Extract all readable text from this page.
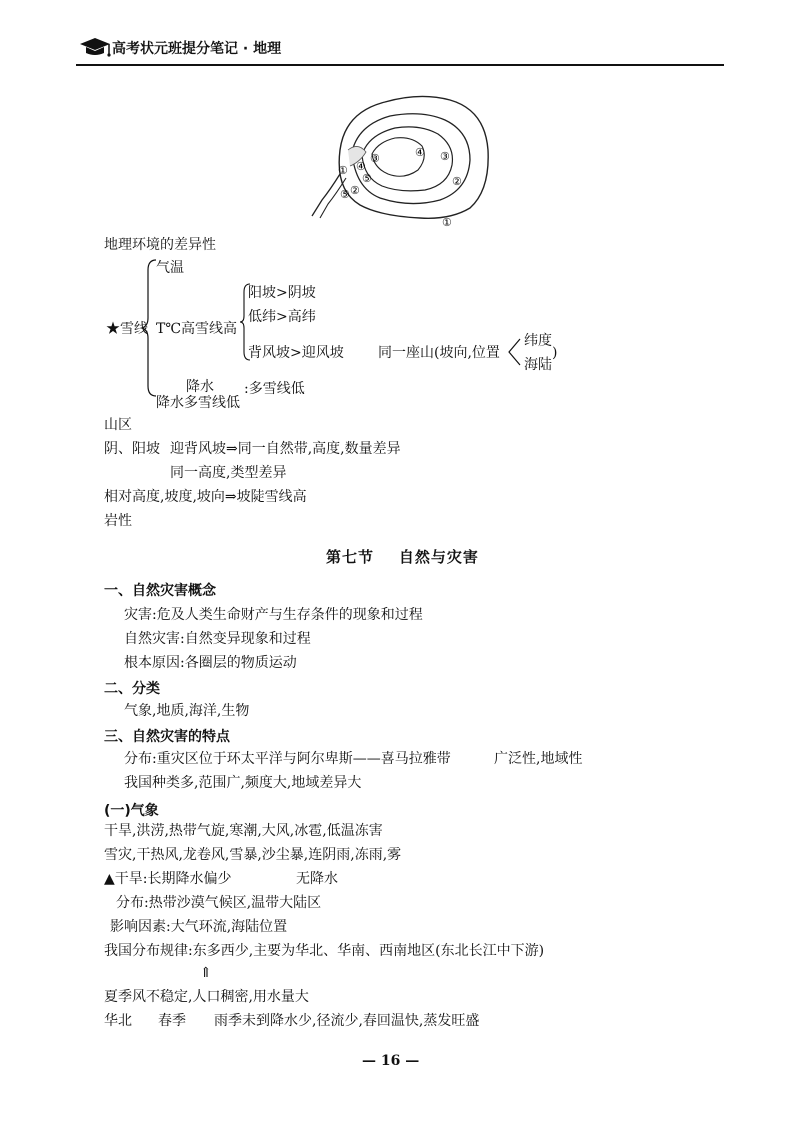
高考状元班提分笔记 · 地理
①
②
③
④
⑤
③
④
②
①
⑤
地理环境的差异性
★雪线
气温
T℃高雪线高
阳坡>阴坡
低纬>高纬
背风坡>迎风坡 同一座山(坡向,位置
纬度
海陆
)
降水 :多雪线低
降水多雪线低
山区
阴、阳坡 迎背风坡⇒同一自然带,高度,数量差异
同一高度,类型差异
相对高度,坡度,坡向⇒坡陡雪线高
岩性
第七节    自然与灾害
一、自然灾害概念
灾害:危及人类生命财产与生存条件的现象和过程
自然灾害:自然变异现象和过程
根本原因:各圈层的物质运动
二、分类
气象,地质,海洋,生物
三、自然灾害的特点
分布:重灾区位于环太平洋与阿尔卑斯——喜马拉雅带	广泛性,地域性
我国种类多,范围广,频度大,地域差异大
(一)气象
干旱,洪涝,热带气旋,寒潮,大风,冰雹,低温冻害
雪灾,干热风,龙卷风,雪暴,沙尘暴,连阴雨,冻雨,雾
▲干旱:长期降水偏少	无降水
分布:热带沙漠气候区,温带大陆区
影响因素:大气环流,海陆位置
我国分布规律:东多西少,主要为华北、华南、西南地区(东北长江中下游)
⇑
夏季风不稳定,人口稠密,用水量大
华北 春季 雨季未到降水少,径流少,春回温快,蒸发旺盛
— 16 —
